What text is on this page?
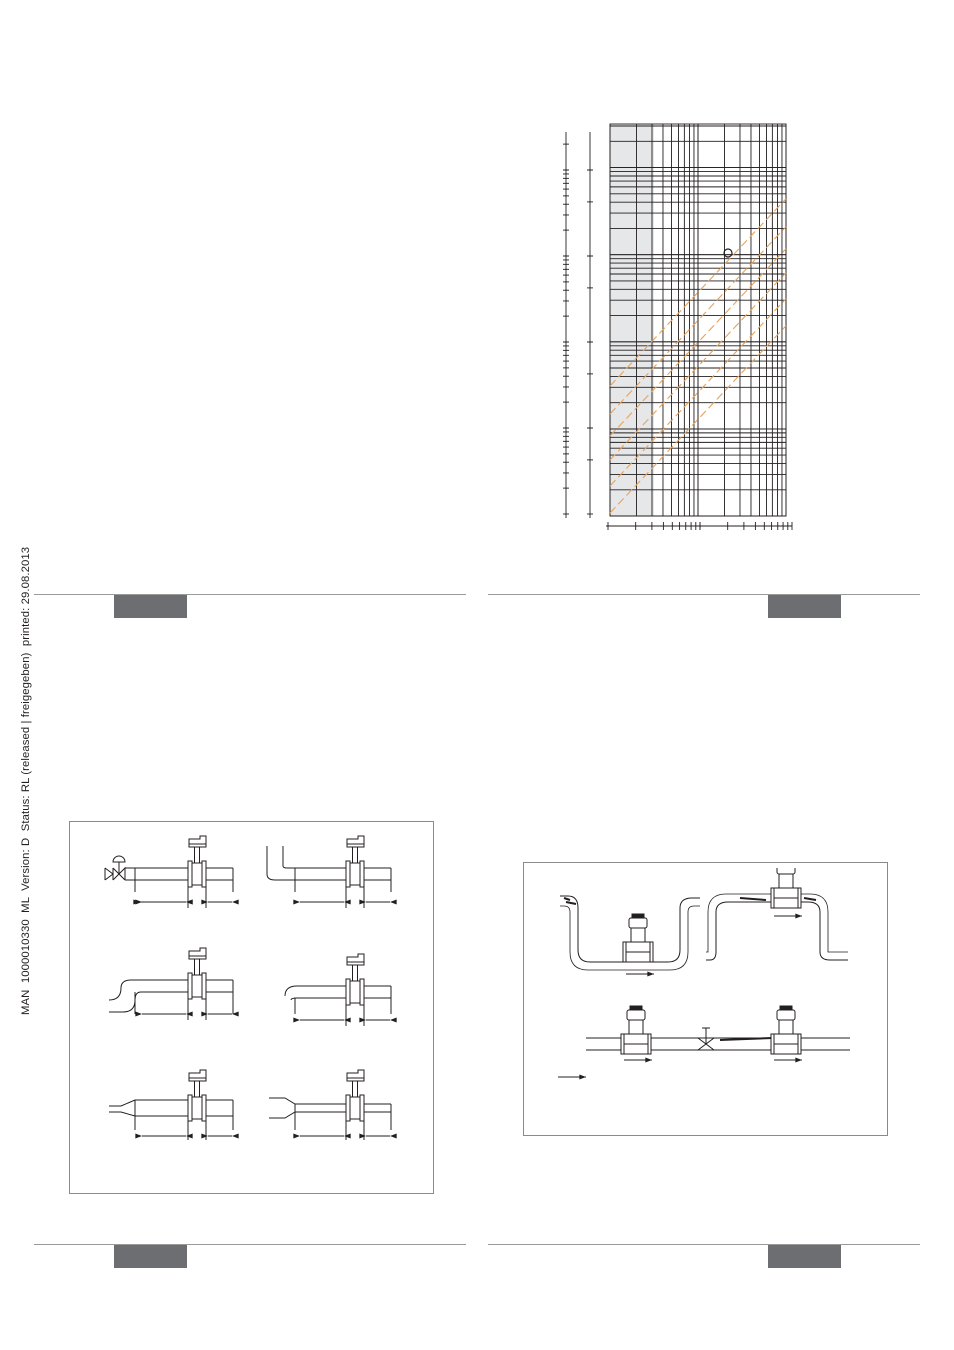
MAN  1000010330  ML  Version: D  Status: RL (released | freigegeben)  printed: 29.08.2013
